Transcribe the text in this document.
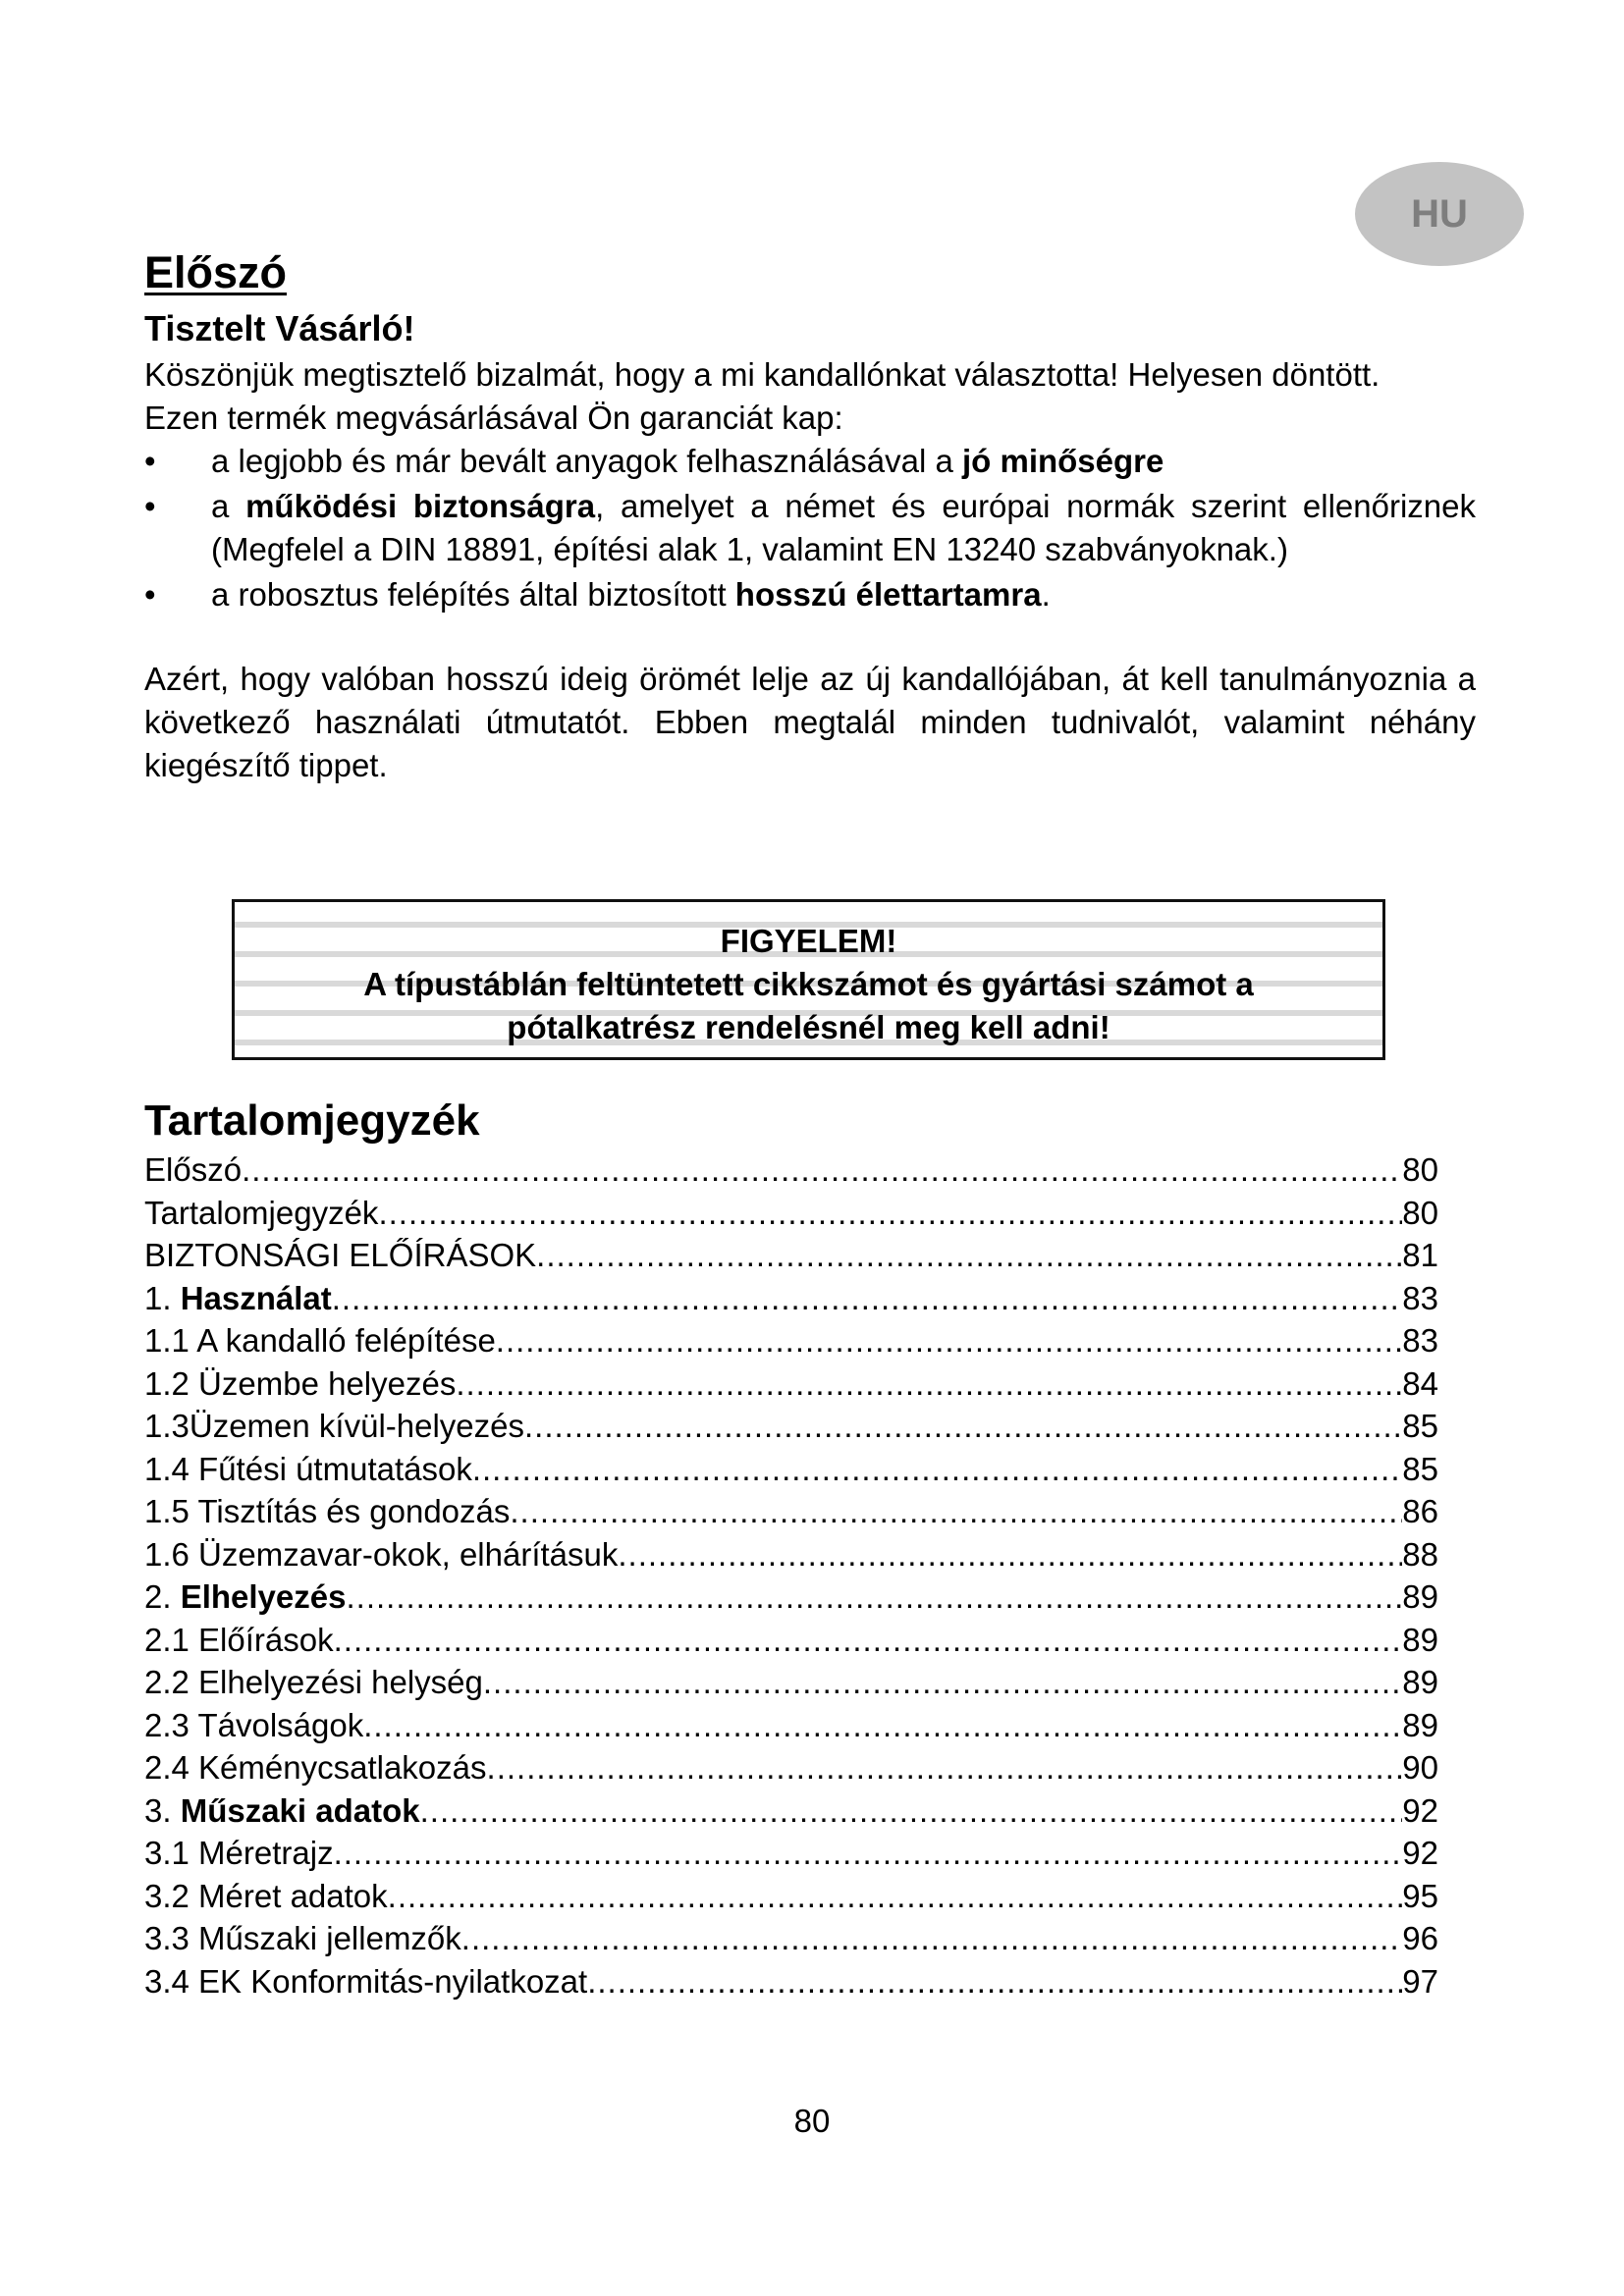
HU
Előszó
Tisztelt Vásárló!

Köszönjük megtisztelő bizalmát, hogy a mi kandallónkat választotta! Helyesen döntött.

Ezen termék megvásárlásával Ön garanciát kap:

• a legjobb és már bevált anyagok felhasználásával a jó minőségre
• a működési biztonságra, amelyet a német és európai normák szerint ellenőriznek (Megfelel a DIN 18891, építési alak 1, valamint EN 13240 szabványoknak.)
• a robosztus felépítés által biztosított hosszú élettartamra.

Azért, hogy valóban hosszú ideig örömét lelje az új kandallójában, át kell tanulmányoznia a következő használati útmutatót. Ebben megtalál minden tudnivalót, valamint néhány kiegészítő tippet.

FIGYELEM!
A típustáblán feltüntetett cikkszámot és gyártási számot a
pótalkatrész rendelésnél meg kell adni!
Tartalomjegyzék
Előszó .....	80
Tartalomjegyzék .....	80
BIZTONSÁGI ELŐÍRÁSOK .....	81
1. Használat .....	83
1.1 A kandalló felépítése .....	83
1.2 Üzembe helyezés .....	84
1.3Üzemen kívül-helyezés .....	85
1.4 Fűtési útmutatások .....	85
1.5 Tisztítás és gondozás .....	86
1.6 Üzemzavar-okok, elhárításuk .....	88
2. Elhelyezés .....	89
2.1 Előírások .....	89
2.2 Elhelyezési helység .....	89
2.3 Távolságok .....	89
2.4 Kéménycsatlakozás .....	90
3. Műszaki adatok .....	92
3.1 Méretrajz .....	92
3.2 Méret adatok .....	95
3.3 Műszaki jellemzők .....	96
3.4 EK Konformitás-nyilatkozat .....	97
80
